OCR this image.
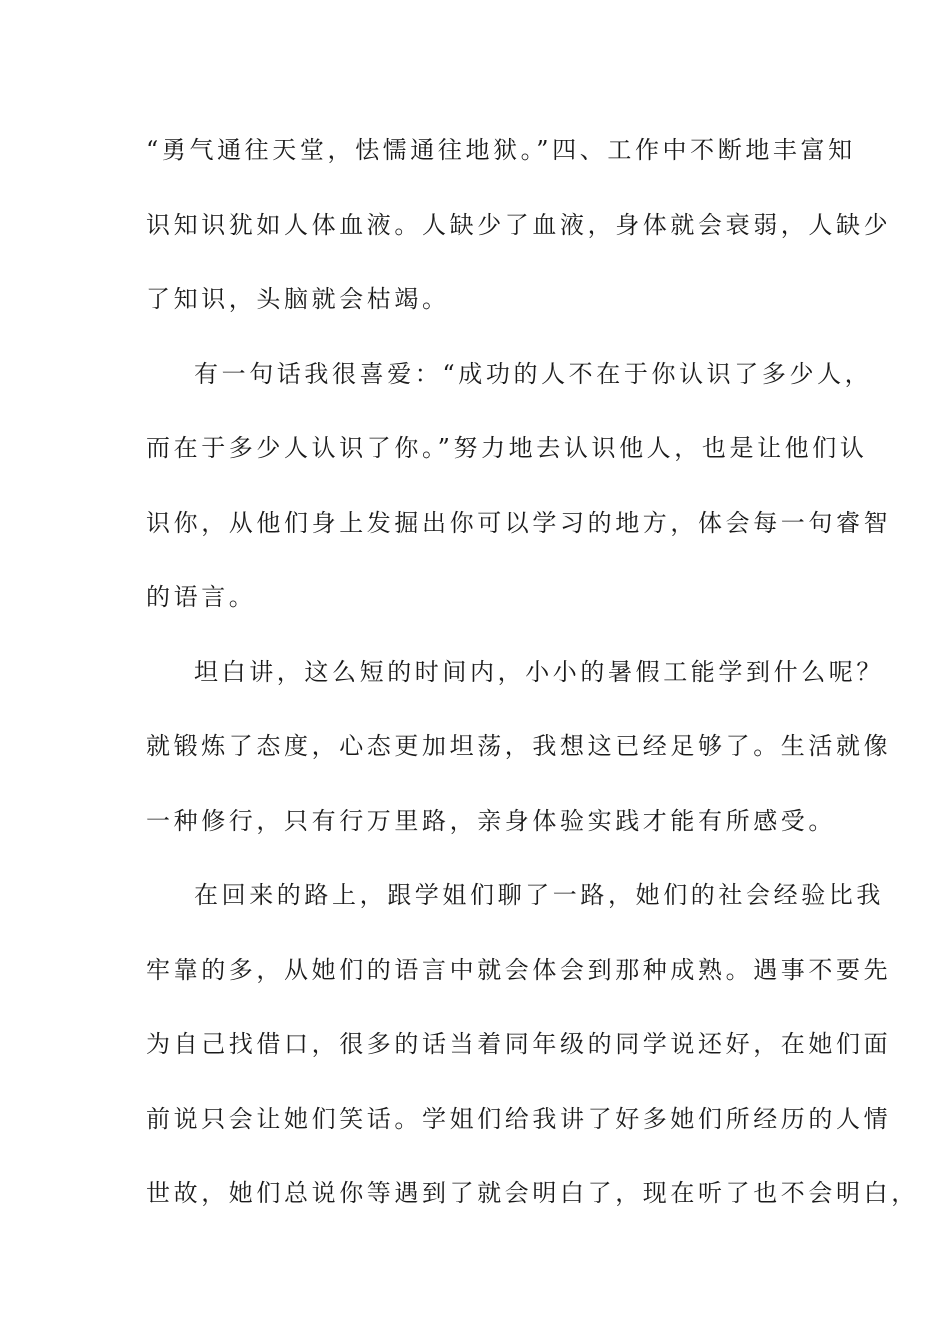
“勇气通往天堂，怯懦通往地狱。”四、工作中不断地丰富知
识知识犹如人体血液。人缺少了血液，身体就会衰弱，人缺少
了知识，头脑就会枯竭。
有一句话我很喜爱：“成功的人不在于你认识了多少人，
而在于多少人认识了你。”努力地去认识他人，也是让他们认
识你，从他们身上发掘出你可以学习的地方，体会每一句睿智
的语言。
坦白讲，这么短的时间内，小小的暑假工能学到什么呢？
就锻炼了态度，心态更加坦荡，我想这已经足够了。生活就像
一种修行，只有行万里路，亲身体验实践才能有所感受。
在回来的路上，跟学姐们聊了一路，她们的社会经验比我
牢靠的多，从她们的语言中就会体会到那种成熟。遇事不要先
为自己找借口，很多的话当着同年级的同学说还好，在她们面
前说只会让她们笑话。学姐们给我讲了好多她们所经历的人情
世故，她们总说你等遇到了就会明白了，现在听了也不会明白，
